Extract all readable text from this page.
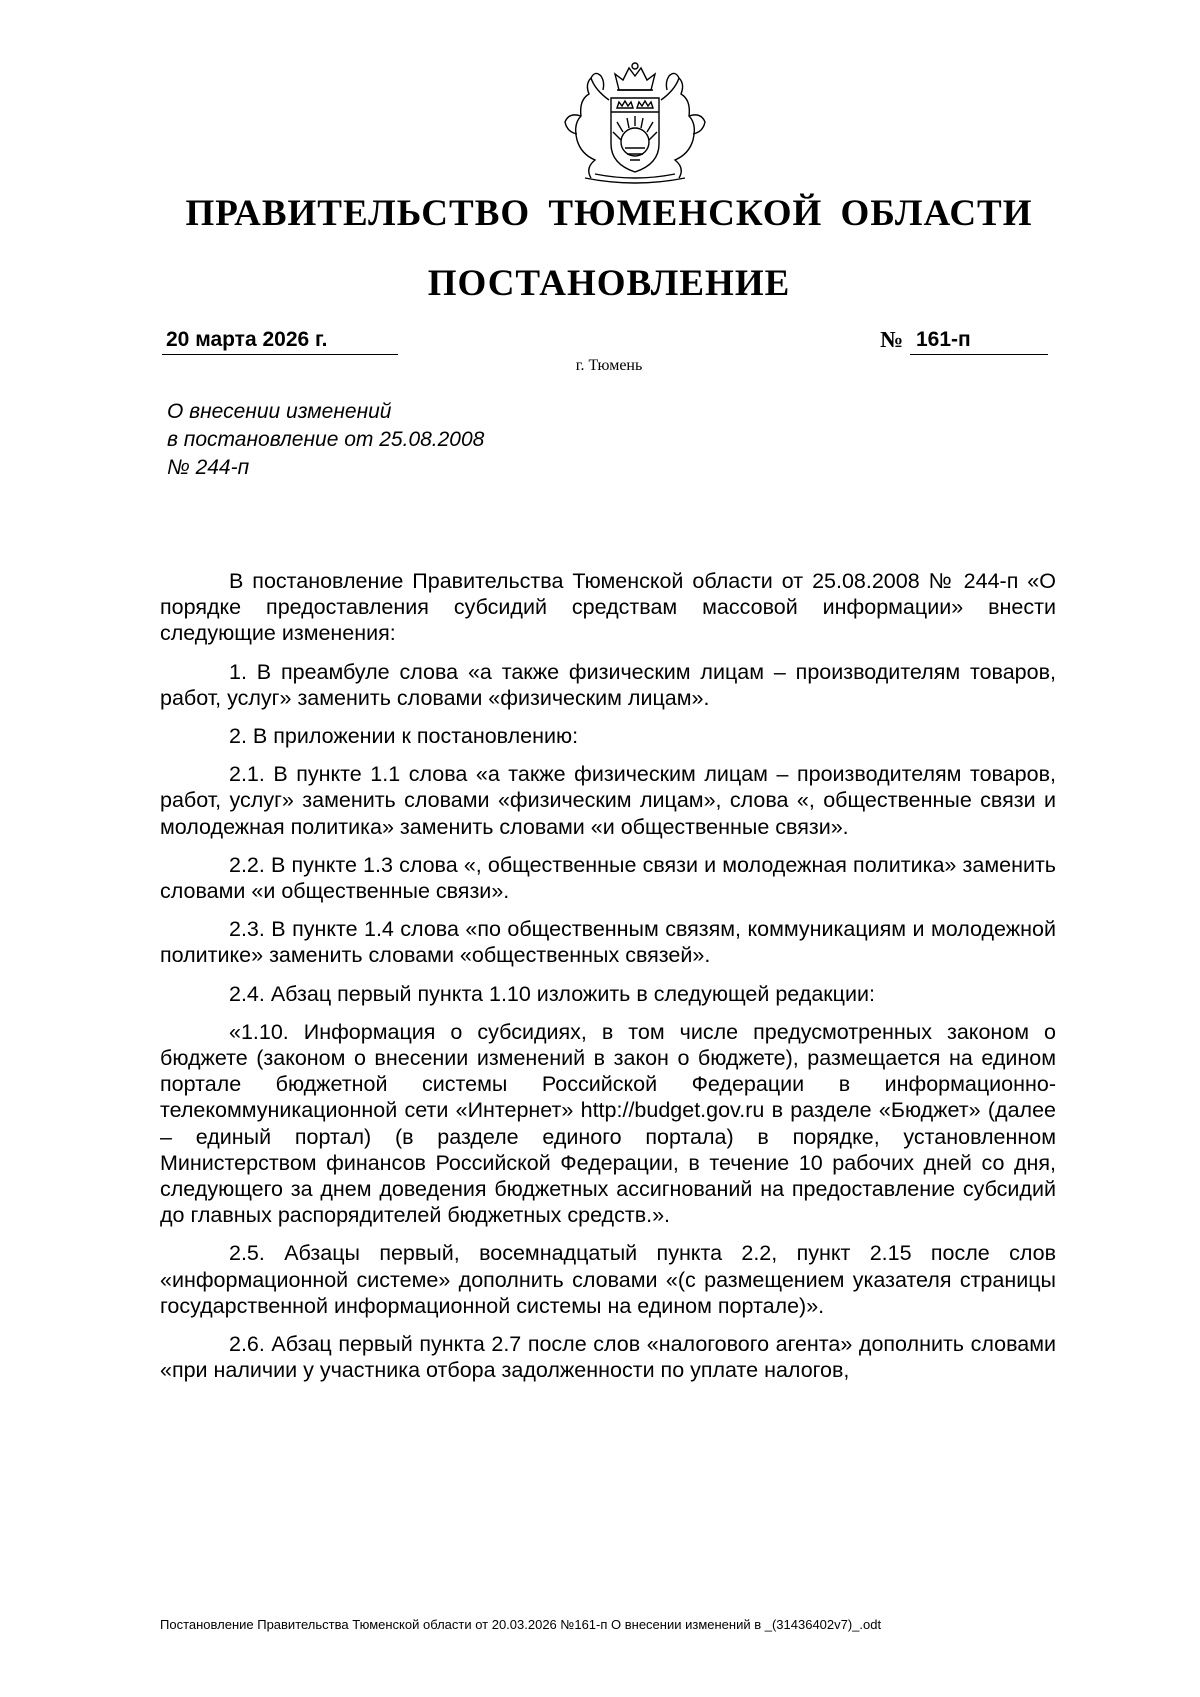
ПРАВИТЕЛЬСТВО ТЮМЕНСКОЙ ОБЛАСТИ
ПОСТАНОВЛЕНИЕ
20 марта 2026 г.	№ 161-п
г. Тюмень
О внесении изменений
в постановление от 25.08.2008
№ 244-п

В постановление Правительства Тюменской области от 25.08.2008 № 244-п «О порядке предоставления субсидий средствам массовой информации» внести следующие изменения:

1. В преамбуле слова «а также физическим лицам – производителям товаров, работ, услуг» заменить словами «физическим лицам».

2. В приложении к постановлению:

2.1. В пункте 1.1 слова «а также физическим лицам – производителям товаров, работ, услуг» заменить словами «физическим лицам», слова «, общественные связи и молодежная политика» заменить словами «и общественные связи».

2.2. В пункте 1.3 слова «, общественные связи и молодежная политика» заменить словами «и общественные связи».

2.3. В пункте 1.4 слова «по общественным связям, коммуникациям и молодежной политике» заменить словами «общественных связей».

2.4. Абзац первый пункта 1.10 изложить в следующей редакции:

«1.10. Информация о субсидиях, в том числе предусмотренных законом о бюджете (законом о внесении изменений в закон о бюджете), размещается на едином портале бюджетной системы Российской Федерации в информационно-телекоммуникационной сети «Интернет» http://budget.gov.ru в разделе «Бюджет» (далее – единый портал) (в разделе единого портала) в порядке, установленном Министерством финансов Российской Федерации, в течение 10 рабочих дней со дня, следующего за днем доведения бюджетных ассигнований на предоставление субсидий до главных распорядителей бюджетных средств.».

2.5. Абзацы первый, восемнадцатый пункта 2.2, пункт 2.15 после слов «информационной системе» дополнить словами «(с размещением указателя страницы государственной информационной системы на едином портале)».

2.6. Абзац первый пункта 2.7 после слов «налогового агента» дополнить словами «при наличии у участника отбора задолженности по уплате налогов,

Постановление Правительства Тюменской области от 20.03.2026 №161-п О внесении изменений в _(31436402v7)_.odt
